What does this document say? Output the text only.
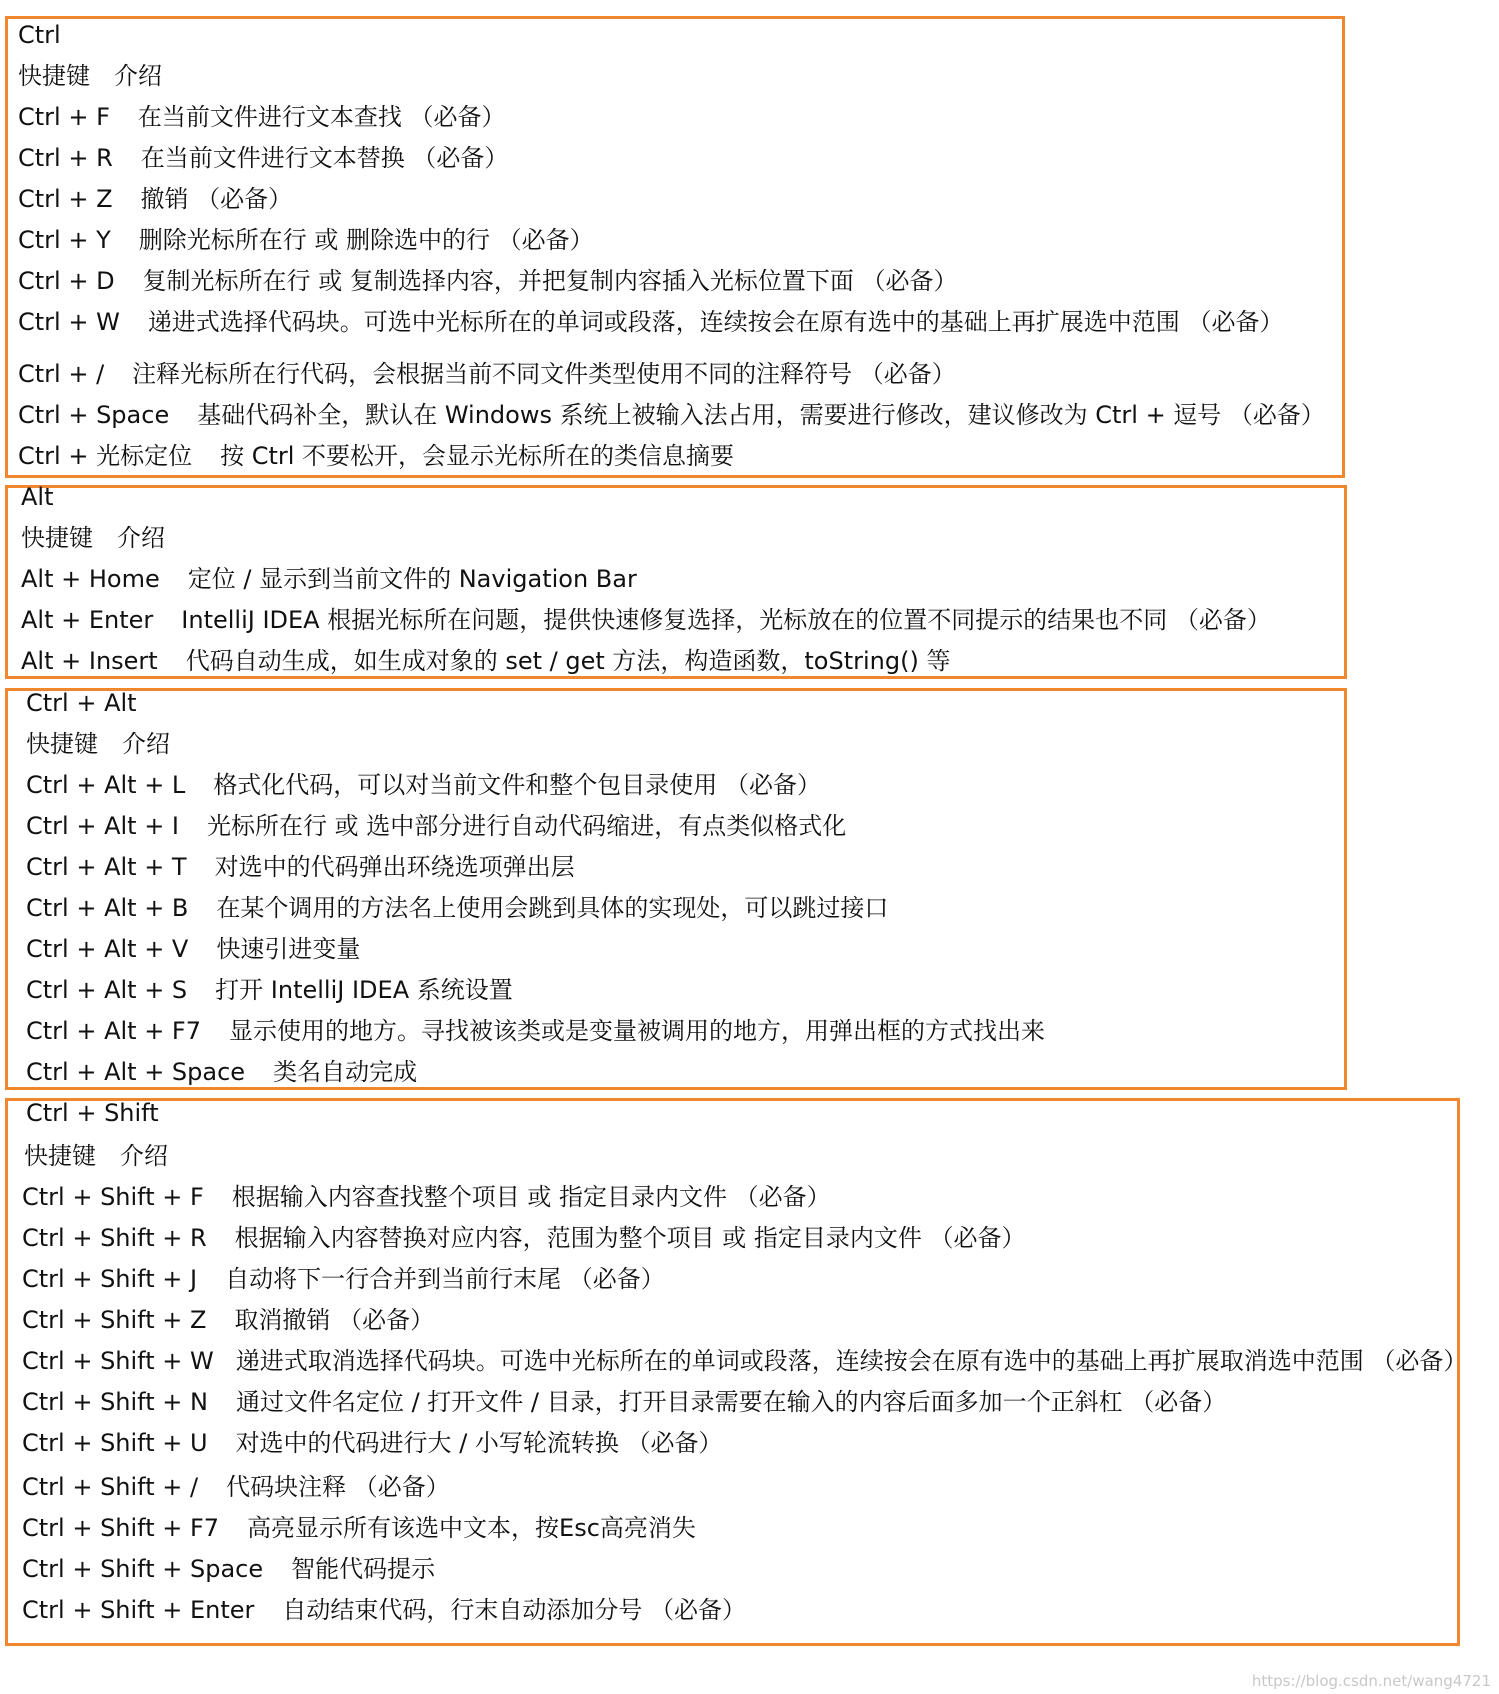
Ctrl
快捷键 介绍
Ctrl + F 在当前文件进行文本查找 （必备）
Ctrl + R 在当前文件进行文本替换 （必备）
Ctrl + Z 撤销 （必备）
Ctrl + Y 删除光标所在行 或 删除选中的行 （必备）
Ctrl + D 复制光标所在行 或 复制选择内容，并把复制内容插入光标位置下面 （必备）
Ctrl + W 递进式选择代码块。可选中光标所在的单词或段落，连续按会在原有选中的基础上再扩展选中范围 （必备）
Ctrl + / 注释光标所在行代码，会根据当前不同文件类型使用不同的注释符号 （必备）
Ctrl + Space 基础代码补全，默认在 Windows 系统上被输入法占用，需要进行修改，建议修改为 Ctrl + 逗号 （必备）
Ctrl + 光标定位 按 Ctrl 不要松开，会显示光标所在的类信息摘要
Alt
快捷键 介绍
Alt + Home 定位 / 显示到当前文件的 Navigation Bar
Alt + Enter IntelliJ IDEA 根据光标所在问题，提供快速修复选择，光标放在的位置不同提示的结果也不同 （必备）
Alt + Insert 代码自动生成，如生成对象的 set / get 方法，构造函数，toString() 等
Ctrl + Alt
快捷键 介绍
Ctrl + Alt + L 格式化代码，可以对当前文件和整个包目录使用 （必备）
Ctrl + Alt + I 光标所在行 或 选中部分进行自动代码缩进，有点类似格式化
Ctrl + Alt + T 对选中的代码弹出环绕选项弹出层
Ctrl + Alt + B 在某个调用的方法名上使用会跳到具体的实现处，可以跳过接口
Ctrl + Alt + V 快速引进变量
Ctrl + Alt + S 打开 IntelliJ IDEA 系统设置
Ctrl + Alt + F7 显示使用的地方。寻找被该类或是变量被调用的地方，用弹出框的方式找出来
Ctrl + Alt + Space 类名自动完成
Ctrl + Shift
快捷键 介绍
Ctrl + Shift + F 根据输入内容查找整个项目 或 指定目录内文件 （必备）
Ctrl + Shift + R 根据输入内容替换对应内容，范围为整个项目 或 指定目录内文件 （必备）
Ctrl + Shift + J 自动将下一行合并到当前行末尾 （必备）
Ctrl + Shift + Z 取消撤销 （必备）
Ctrl + Shift + W 递进式取消选择代码块。可选中光标所在的单词或段落，连续按会在原有选中的基础上再扩展取消选中范围 （必备）
Ctrl + Shift + N 通过文件名定位 / 打开文件 / 目录，打开目录需要在输入的内容后面多加一个正斜杠 （必备）
Ctrl + Shift + U 对选中的代码进行大 / 小写轮流转换 （必备）
Ctrl + Shift + / 代码块注释 （必备）
Ctrl + Shift + F7 高亮显示所有该选中文本，按Esc高亮消失
Ctrl + Shift + Space 智能代码提示
Ctrl + Shift + Enter 自动结束代码，行末自动添加分号 （必备）
https://blog.csdn.net/wang4721
